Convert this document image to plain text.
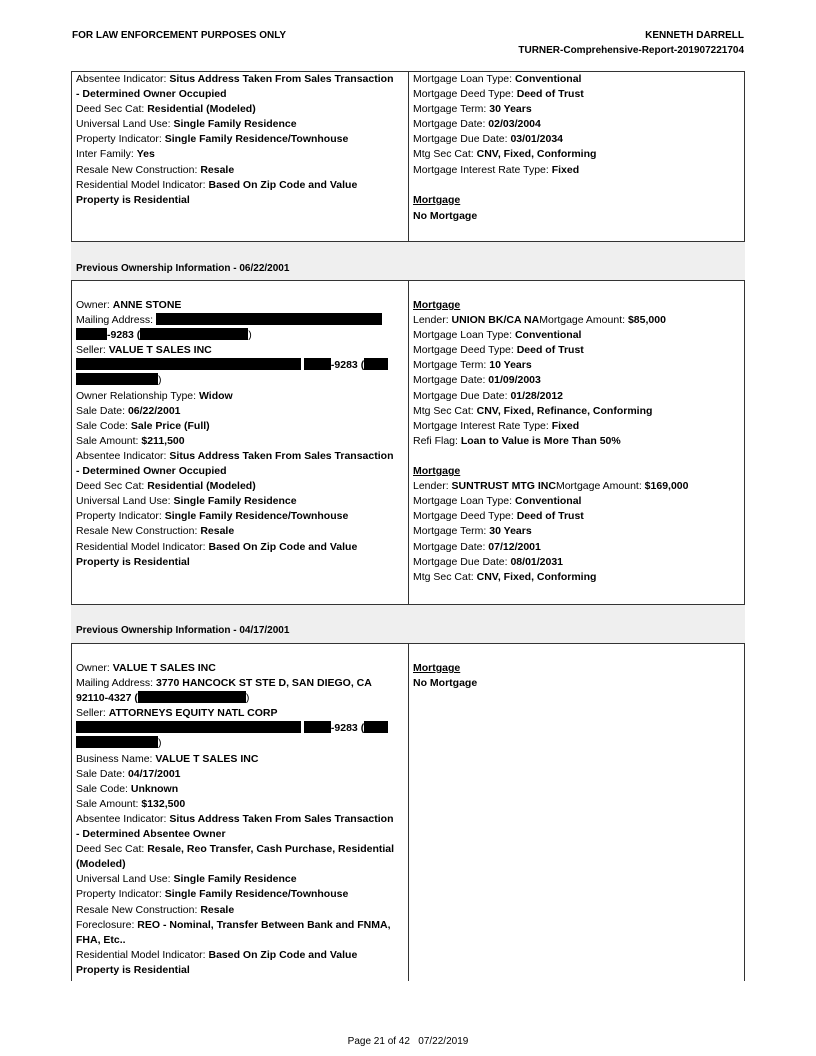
FOR LAW ENFORCEMENT PURPOSES ONLY	KENNETH DARRELL
TURNER-Comprehensive-Report-201907221704
Absentee Indicator: Situs Address Taken From Sales Transaction
- Determined Owner Occupied
Deed Sec Cat: Residential (Modeled)
Universal Land Use: Single Family Residence
Property Indicator: Single Family Residence/Townhouse
Inter Family: Yes
Resale New Construction: Resale
Residential Model Indicator: Based On Zip Code and Value
Property is Residential
Mortgage Loan Type: Conventional
Mortgage Deed Type: Deed of Trust
Mortgage Term: 30 Years
Mortgage Date: 02/03/2004
Mortgage Due Date: 03/01/2034
Mtg Sec Cat: CNV, Fixed, Conforming
Mortgage Interest Rate Type: Fixed
Mortgage
No Mortgage
Previous Ownership Information - 06/22/2001
Owner: ANNE STONE
Mailing Address:
-9283 (	)
Seller: VALUE T SALES INC
-9283 (
)
Owner Relationship Type: Widow
Sale Date: 06/22/2001
Sale Code: Sale Price (Full)
Sale Amount: $211,500
Absentee Indicator: Situs Address Taken From Sales Transaction
- Determined Owner Occupied
Deed Sec Cat: Residential (Modeled)
Universal Land Use: Single Family Residence
Property Indicator: Single Family Residence/Townhouse
Resale New Construction: Resale
Residential Model Indicator: Based On Zip Code and Value
Property is Residential
Mortgage
Lender: UNION BK/CA NAMortgage Amount: $85,000
Mortgage Loan Type: Conventional
Mortgage Deed Type: Deed of Trust
Mortgage Term: 10 Years
Mortgage Date: 01/09/2003
Mortgage Due Date: 01/28/2012
Mtg Sec Cat: CNV, Fixed, Refinance, Conforming
Mortgage Interest Rate Type: Fixed
Refi Flag: Loan to Value is More Than 50%
Mortgage
Lender: SUNTRUST MTG INCMortgage Amount: $169,000
Mortgage Loan Type: Conventional
Mortgage Deed Type: Deed of Trust
Mortgage Term: 30 Years
Mortgage Date: 07/12/2001
Mortgage Due Date: 08/01/2031
Mtg Sec Cat: CNV, Fixed, Conforming
Previous Ownership Information - 04/17/2001
Owner: VALUE T SALES INC
Mailing Address: 3770 HANCOCK ST STE D, SAN DIEGO, CA
92110-4327 (	)
Seller: ATTORNEYS EQUITY NATL CORP
-9283 (
)
Business Name: VALUE T SALES INC
Sale Date: 04/17/2001
Sale Code: Unknown
Sale Amount: $132,500
Absentee Indicator: Situs Address Taken From Sales Transaction
- Determined Absentee Owner
Deed Sec Cat: Resale, Reo Transfer, Cash Purchase, Residential
(Modeled)
Universal Land Use: Single Family Residence
Property Indicator: Single Family Residence/Townhouse
Resale New Construction: Resale
Foreclosure: REO - Nominal, Transfer Between Bank and FNMA,
FHA, Etc..
Residential Model Indicator: Based On Zip Code and Value
Property is Residential
Mortgage
No Mortgage
Page 21 of 42   07/22/2019
